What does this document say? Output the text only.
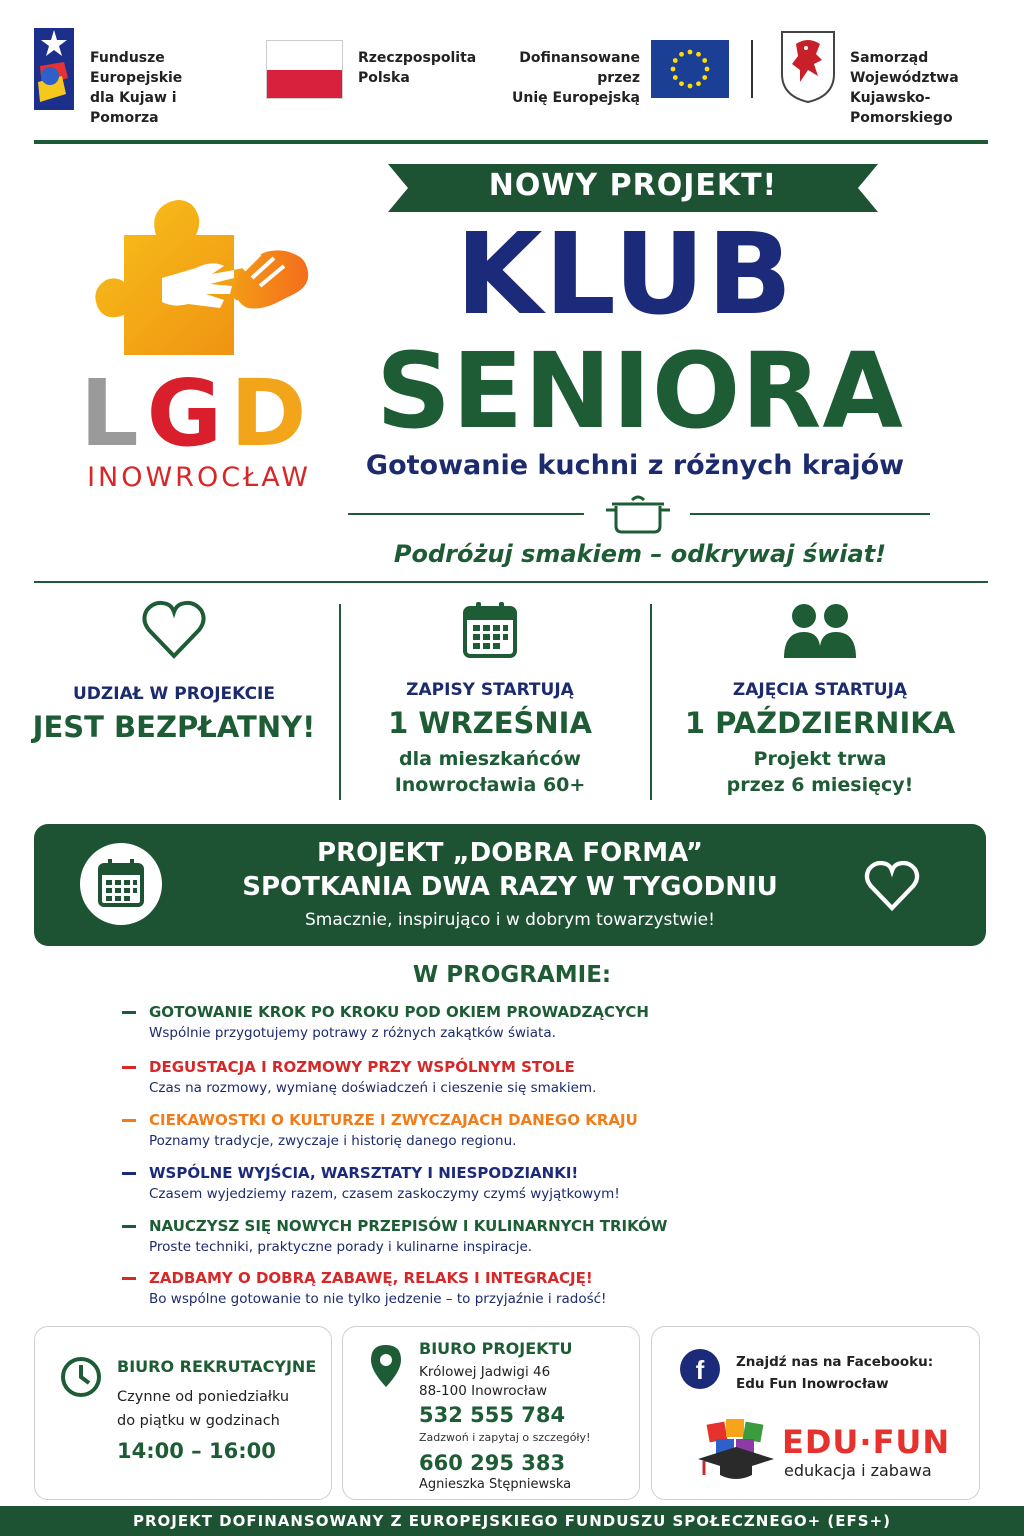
Fundusze Europejskie
dla Kujaw i Pomorza
Rzeczpospolita
Polska
Dofinansowane przez
Unię Europejską
Samorząd Województwa
Kujawsko-Pomorskiego
LGD
INOWROCŁAW
NOWY PROJEKT!
KLUB
SENIORA
Gotowanie kuchni z różnych krajów
Podróżuj smakiem – odkrywaj świat!
UDZIAŁ W PROJEKCIE
JEST BEZPŁATNY!
ZAPISY STARTUJĄ
1 WRZEŚNIA
dla mieszkańców
Inowrocławia 60+
ZAJĘCIA STARTUJĄ
1 PAŹDZIERNIKA
Projekt trwa
przez 6 miesięcy!
PROJEKT „DOBRA FORMA”
SPOTKANIA DWA RAZY W TYGODNIU
Smacznie, inspirująco i w dobrym towarzystwie!
W PROGRAMIE:
GOTOWANIE KROK PO KROKU POD OKIEM PROWADZĄCYCH
Wspólnie przygotujemy potrawy z różnych zakątków świata.
DEGUSTACJA I ROZMOWY PRZY WSPÓLNYM STOLE
Czas na rozmowy, wymianę doświadczeń i cieszenie się smakiem.
CIEKAWOSTKI O KULTURZE I ZWYCZAJACH DANEGO KRAJU
Poznamy tradycje, zwyczaje i historię danego regionu.
WSPÓLNE WYJŚCIA, WARSZTATY I NIESPODZIANKI!
Czasem wyjedziemy razem, czasem zaskoczymy czymś wyjątkowym!
NAUCZYSZ SIĘ NOWYCH PRZEPISÓW I KULINARNYCH TRIKÓW
Proste techniki, praktyczne porady i kulinarne inspiracje.
ZADBAMY O DOBRĄ ZABAWĘ, RELAKS I INTEGRACJĘ!
Bo wspólne gotowanie to nie tylko jedzenie – to przyjaźnie i radość!
BIURO REKRUTACYJNE
Czynne od poniedziałku
do piątku w godzinach
14:00 – 16:00
BIURO PROJEKTU
Królowej Jadwigi 46
88-100 Inowrocław
532 555 784
Zadzwoń i zapytaj o szczegóły!
660 295 383
Agnieszka Stępniewska
f	Znajdź nas na Facebooku:
Edu Fun Inowrocław
EDU·FUN
edukacja i zabawa
PROJEKT DOFINANSOWANY Z EUROPEJSKIEGO FUNDUSZU SPOŁECZNEGO+ (EFS+)
